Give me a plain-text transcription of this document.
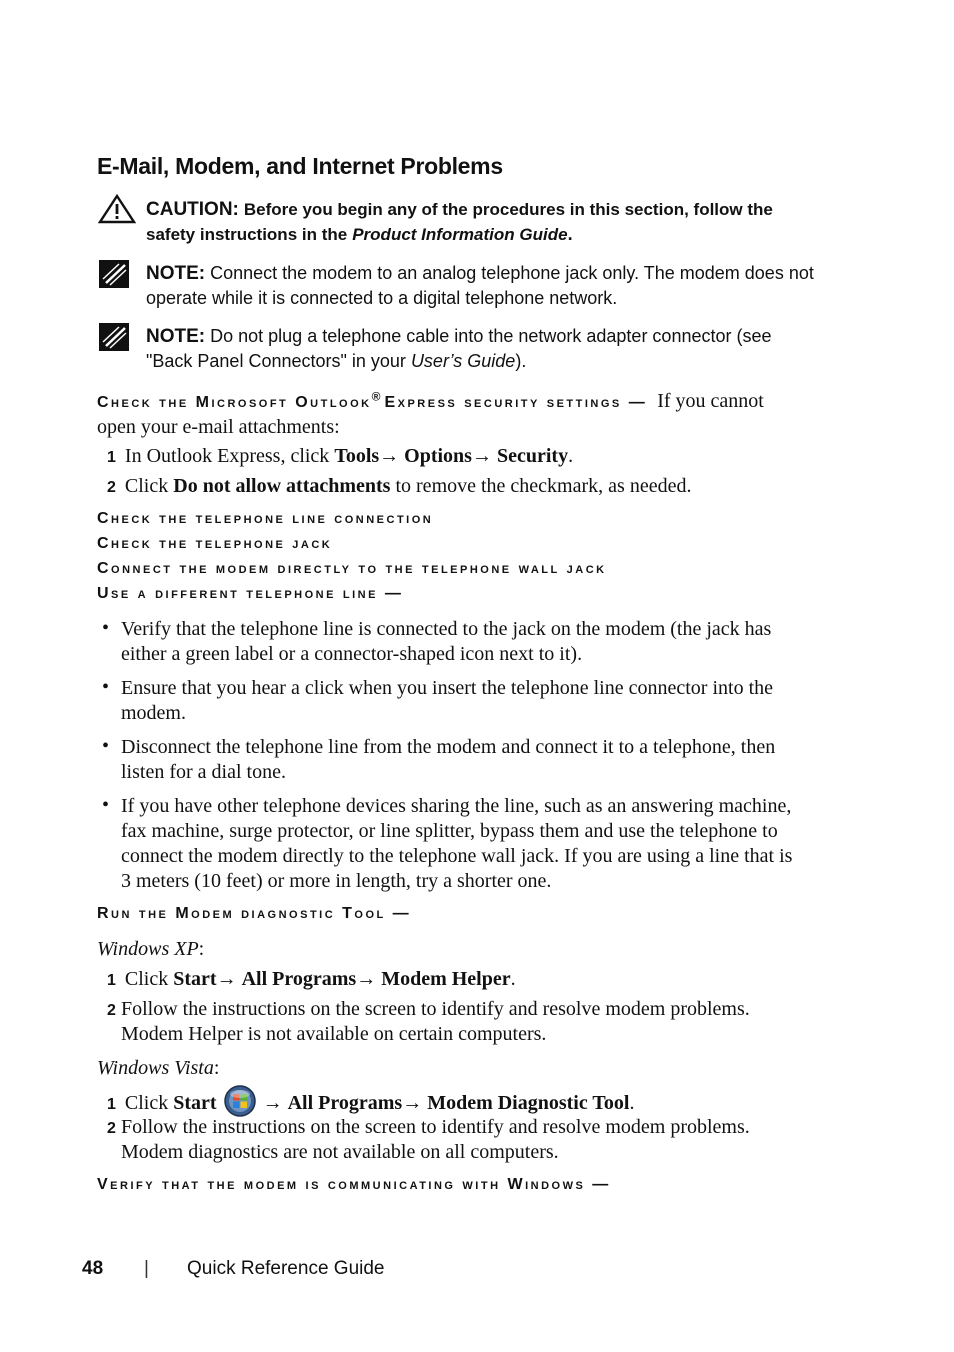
E-Mail, Modem, and Internet Problems
CAUTION: Before you begin any of the procedures in this section, follow the
safety instructions in the Product Information Guide.
NOTE: Connect the modem to an analog telephone jack only. The modem does not
operate while it is connected to a digital telephone network.
NOTE: Do not plug a telephone cable into the network adapter connector (see
"Back Panel Connectors" in your User’s Guide).
Check the Microsoft Outlook® Express security settings — If you cannot
open your e-mail attachments:
1 In Outlook Express, click Tools→ Options→ Security.
2 Click Do not allow attachments to remove the checkmark, as needed.
Check the telephone line connection
Check the telephone jack
Connect the modem directly to the telephone wall jack
Use a different telephone line —
• Verify that the telephone line is connected to the jack on the modem (the jack has
either a green label or a connector-shaped icon next to it).
• Ensure that you hear a click when you insert the telephone line connector into the
modem.
• Disconnect the telephone line from the modem and connect it to a telephone, then
listen for a dial tone.
• If you have other telephone devices sharing the line, such as an answering machine,
fax machine, surge protector, or line splitter, bypass them and use the telephone to
connect the modem directly to the telephone wall jack. If you are using a line that is
3 meters (10 feet) or more in length, try a shorter one.
Run the Modem diagnostic Tool —
Windows XP:
1 Click Start→ All Programs→ Modem Helper.
2 Follow the instructions on the screen to identify and resolve modem problems.
Modem Helper is not available on certain computers.
Windows Vista:
1 Click Start → All Programs→ Modem Diagnostic Tool.
2 Follow the instructions on the screen to identify and resolve modem problems.
Modem diagnostics are not available on all computers.
Verify that the modem is communicating with Windows —
48 | Quick Reference Guide
